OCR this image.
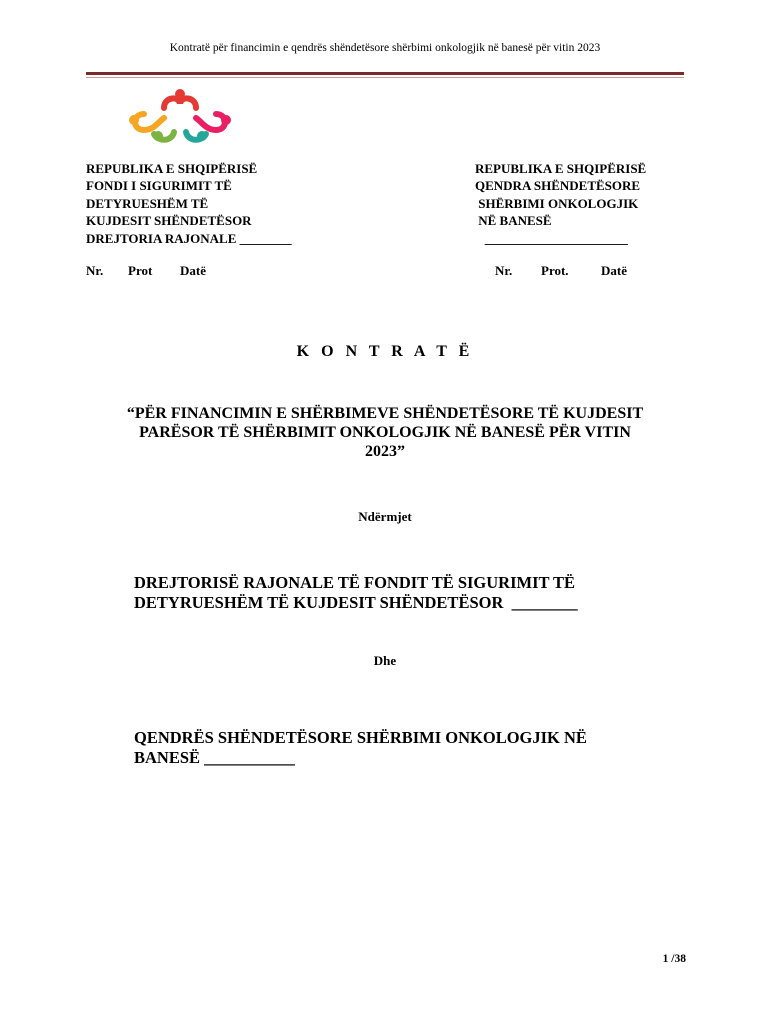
Kontratë për financimin e qendrës shëndetësore shërbimi onkologjik në banesë për vitin 2023
REPUBLIKA E SHQIPËRISË
FONDI I SIGURIMIT TË
DETYRUESHËM TË
KUJDESIT SHËNDETËSOR
DREJTORIA RAJONALE ________
REPUBLIKA E SHQIPËRISË
QENDRA SHËNDETËSORE
SHËRBIMI ONKOLOGJIK
NË BANESË
______________________
Nr. Prot Datë	Nr. Prot. Datë
K O N T R A T Ë
“PËR FINANCIMIN E SHËRBIMEVE SHËNDETËSORE TË KUJDESIT
PARËSOR TË SHËRBIMIT ONKOLOGJIK NË BANESË PËR VITIN
2023”
Ndërmjet
DREJTORISË RAJONALE TË FONDIT TË SIGURIMIT TË
DETYRUESHËM TË KUJDESIT SHËNDETËSOR  ________
Dhe
QENDRËS SHËNDETËSORE SHËRBIMI ONKOLOGJIK NË
BANESË ___________
1 /38
